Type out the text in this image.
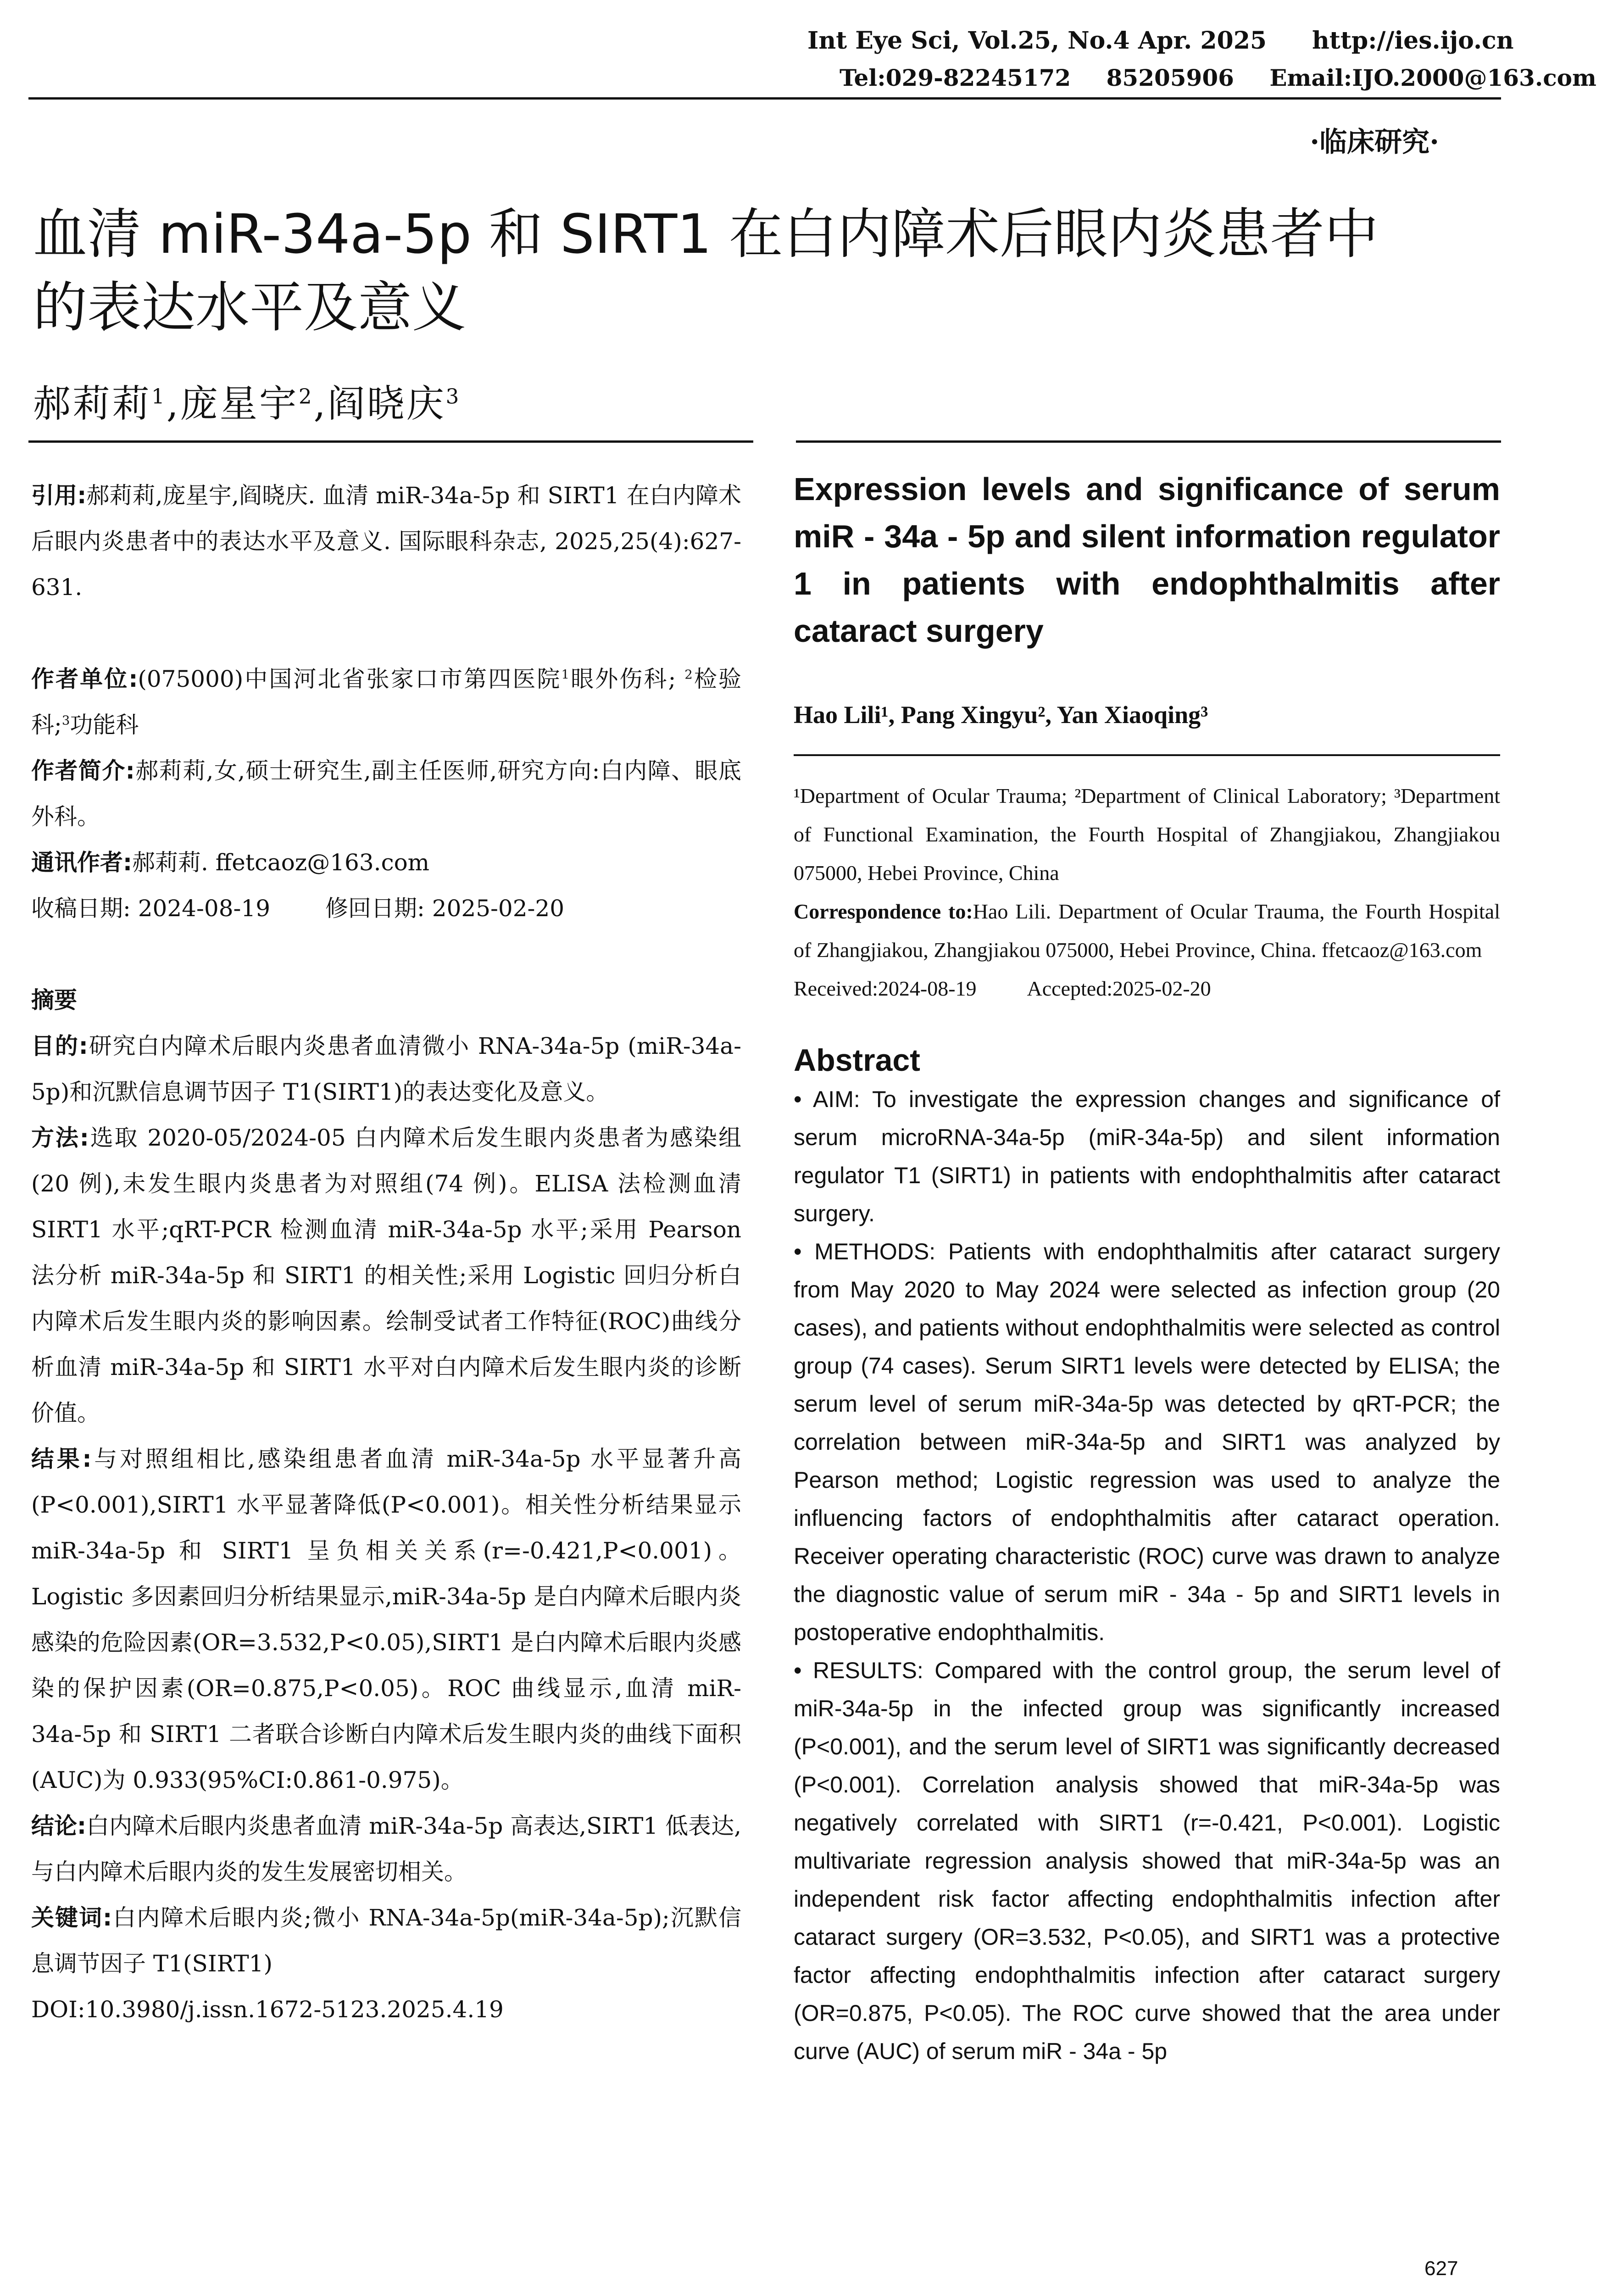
Int Eye Sci, Vol.25, No.4 Apr. 2025 http://ies.ijo.cn
Tel:029-82245172 85205906 Email:IJO.2000@163.com
·临床研究·
血清 miR-34a-5p 和 SIRT1 在白内障术后眼内炎患者中
的表达水平及意义
郝莉莉$^1$,庞星宇$^2$,阎晓庆$^3$

引用:郝莉莉,庞星宇,阎晓庆. 血清 miR-34a-5p 和 SIRT1 在白内障术后眼内炎患者中的表达水平及意义. 国际眼科杂志, 2025,25(4):627-631.

作者单位:(075000)中国河北省张家口市第四医院$^1$眼外伤科; $^2$检验科;$^3$功能科

作者简介:郝莉莉,女,硕士研究生,副主任医师,研究方向:白内障、眼底外科。

通讯作者:郝莉莉. ffetcaoz@163.com

收稿日期: 2024-08-19 修回日期: 2025-02-20

摘要

目的:研究白内障术后眼内炎患者血清微小 RNA-34a-5p (miR-34a-5p)和沉默信息调节因子 T1(SIRT1)的表达变化及意义。

方法:选取 2020-05/2024-05 白内障术后发生眼内炎患者为感染组(20 例),未发生眼内炎患者为对照组(74 例)。ELISA 法检测血清 SIRT1 水平;qRT-PCR 检测血清 miR-34a-5p 水平;采用 Pearson 法分析 miR-34a-5p 和 SIRT1 的相关性;采用 Logistic 回归分析白内障术后发生眼内炎的影响因素。绘制受试者工作特征(ROC)曲线分析血清 miR-34a-5p 和 SIRT1 水平对白内障术后发生眼内炎的诊断价值。

结果:与对照组相比,感染组患者血清 miR-34a-5p 水平显著升高(P<0.001),SIRT1 水平显著降低(P<0.001)。相关性分析结果显示 miR-34a-5p 和 SIRT1 呈负相关关系(r=-0.421,P<0.001)。Logistic 多因素回归分析结果显示,miR-34a-5p 是白内障术后眼内炎感染的危险因素(OR=3.532,P<0.05),SIRT1 是白内障术后眼内炎感染的保护因素(OR=0.875,P<0.05)。ROC 曲线显示,血清 miR-34a-5p 和 SIRT1 二者联合诊断白内障术后发生眼内炎的曲线下面积(AUC)为 0.933(95%CI:0.861-0.975)。

结论:白内障术后眼内炎患者血清 miR-34a-5p 高表达,SIRT1 低表达,与白内障术后眼内炎的发生发展密切相关。

关键词:白内障术后眼内炎;微小 RNA-34a-5p(miR-34a-5p);沉默信息调节因子 T1(SIRT1)

DOI:10.3980/j.issn.1672-5123.2025.4.19

Expression levels and significance of serum miR - 34a - 5p and silent information regulator 1 in patients with endophthalmitis after cataract surgery

Hao Lili¹, Pang Xingyu², Yan Xiaoqing³

¹Department of Ocular Trauma; ²Department of Clinical Laboratory; ³Department of Functional Examination, the Fourth Hospital of Zhangjiakou, Zhangjiakou 075000, Hebei Province, China

Correspondence to:Hao Lili. Department of Ocular Trauma, the Fourth Hospital of Zhangjiakou, Zhangjiakou 075000, Hebei Province, China. ffetcaoz@163.com

Received:2024-08-19 Accepted:2025-02-20

Abstract

• AIM: To investigate the expression changes and significance of serum microRNA-34a-5p (miR-34a-5p) and silent information regulator T1 (SIRT1) in patients with endophthalmitis after cataract surgery.

• METHODS: Patients with endophthalmitis after cataract surgery from May 2020 to May 2024 were selected as infection group (20 cases), and patients without endophthalmitis were selected as control group (74 cases). Serum SIRT1 levels were detected by ELISA; the serum level of serum miR-34a-5p was detected by qRT-PCR; the correlation between miR-34a-5p and SIRT1 was analyzed by Pearson method; Logistic regression was used to analyze the influencing factors of endophthalmitis after cataract operation. Receiver operating characteristic (ROC) curve was drawn to analyze the diagnostic value of serum miR - 34a - 5p and SIRT1 levels in postoperative endophthalmitis.

• RESULTS: Compared with the control group, the serum level of miR-34a-5p in the infected group was significantly increased (P<0.001), and the serum level of SIRT1 was significantly decreased (P<0.001). Correlation analysis showed that miR-34a-5p was negatively correlated with SIRT1 (r=-0.421, P<0.001). Logistic multivariate regression analysis showed that miR-34a-5p was an independent risk factor affecting endophthalmitis infection after cataract surgery (OR=3.532, P<0.05), and SIRT1 was a protective factor affecting endophthalmitis infection after cataract surgery (OR=0.875, P<0.05). The ROC curve showed that the area under curve (AUC) of serum miR - 34a - 5p

627
